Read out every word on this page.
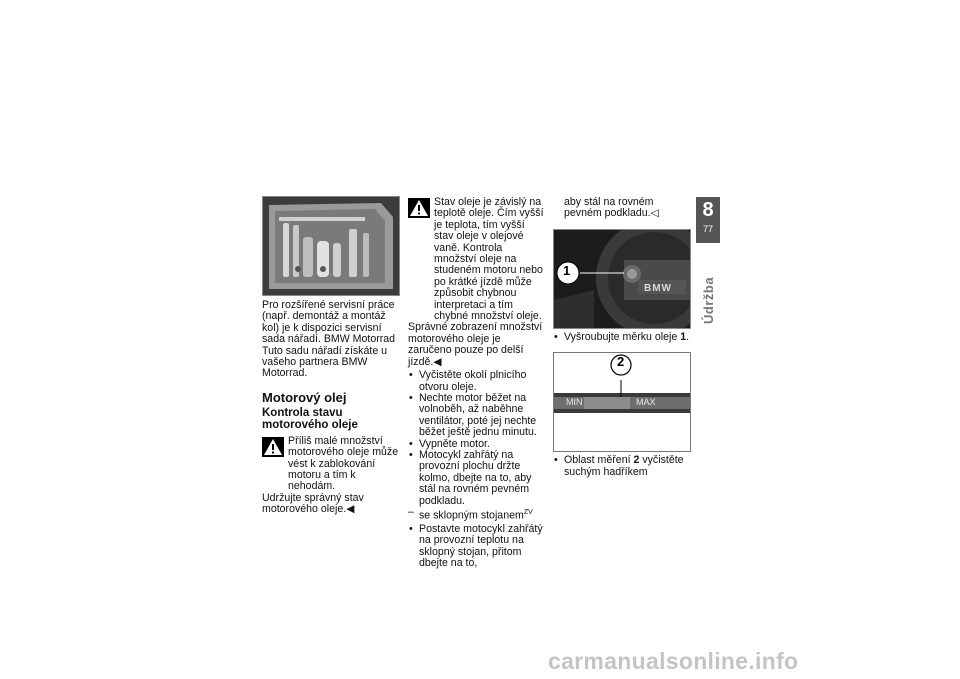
Pro rozšířené servisní práce (např. demontáž a montáž kol) je k dispozici servisní sada nářadí. BMW Motorrad Tuto sadu nářadí získáte u vašeho partnera BMW Motorrad.

Motorový olej
Kontrola stavu motorového oleje

Příliš malé množství motorového oleje může vést k zablokování motoru a tím k nehodám.

Udržujte správný stav motorového oleje.◀

Stav oleje je závislý na teplotě oleje. Čím vyšší je teplota, tím vyšší stav oleje v olejové vaně. Kontrola množství oleje na studeném motoru nebo po krátké jízdě může způsobit chybnou interpretaci a tím chybné množství oleje.

Správné zobrazení množství motorového oleje je zaručeno pouze po delší jízdě.◀

• Vyčistěte okolí plnicího otvoru oleje.
• Nechte motor běžet na volnoběh, až naběhne ventilátor, poté jej nechte běžet ještě jednu minutu.
• Vypněte motor.
• Motocykl zahřátý na provozní plochu držte kolmo, dbejte na to, aby stál na rovném pevném podkladu.

– se sklopným stojanem$^{ZV}$

• Postavte motocykl zahřátý na provozní teplotu na sklopný stojan, přitom dbejte na to,

aby stál na rovném pevném podkladu.◁

1
BMW
• Vyšroubujte měrku oleje 1.
2
MIN	MAX
• Oblast měření 2 vyčistěte suchým hadříkem
8
77
Údržba
carmanualsonline.info
